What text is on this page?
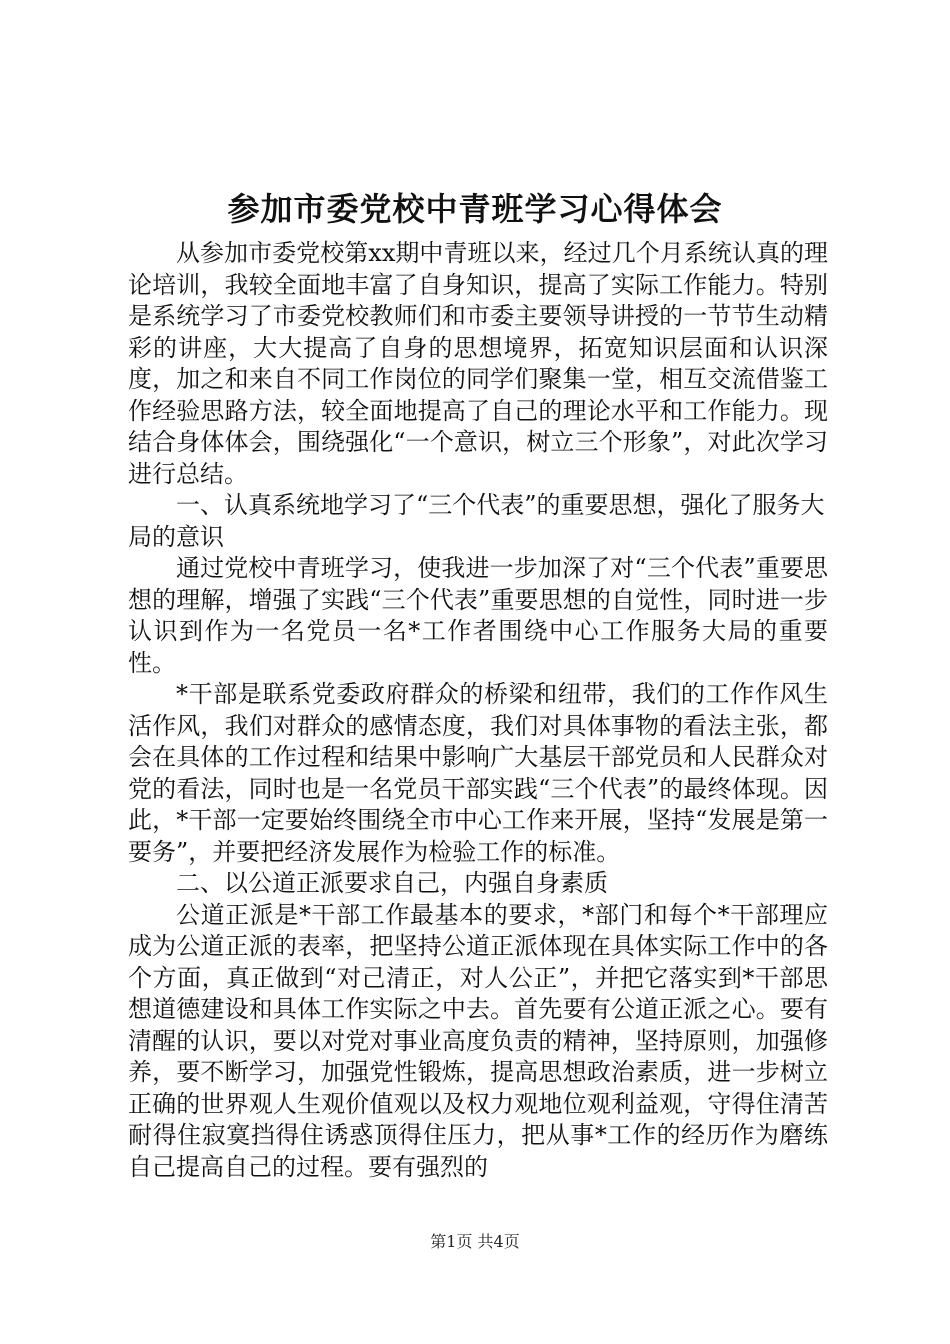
参加市委党校中青班学习心得体会

从参加市委党校第xx期中青班以来，经过几个月系统认真的理论培训，我较全面地丰富了自身知识，提高了实际工作能力。特别是系统学习了市委党校教师们和市委主要领导讲授的一节节生动精彩的讲座，大大提高了自身的思想境界，拓宽知识层面和认识深度，加之和来自不同工作岗位的同学们聚集一堂，相互交流借鉴工作经验思路方法，较全面地提高了自己的理论水平和工作能力。现结合身体体会，围绕强化“一个意识，树立三个形象”，对此次学习进行总结。

一、认真系统地学习了“三个代表”的重要思想，强化了服务大局的意识

通过党校中青班学习，使我进一步加深了对“三个代表”重要思想的理解，增强了实践“三个代表”重要思想的自觉性，同时进一步认识到作为一名党员一名*工作者围绕中心工作服务大局的重要性。

*干部是联系党委政府群众的桥梁和纽带，我们的工作作风生活作风，我们对群众的感情态度，我们对具体事物的看法主张，都会在具体的工作过程和结果中影响广大基层干部党员和人民群众对党的看法，同时也是一名党员干部实践“三个代表”的最终体现。因此，*干部一定要始终围绕全市中心工作来开展，坚持“发展是第一要务”，并要把经济发展作为检验工作的标准。

二、以公道正派要求自己，内强自身素质

公道正派是*干部工作最基本的要求，*部门和每个*干部理应成为公道正派的表率，把坚持公道正派体现在具体实际工作中的各个方面，真正做到“对己清正，对人公正”，并把它落实到*干部思想道德建设和具体工作实际之中去。首先要有公道正派之心。要有清醒的认识，要以对党对事业高度负责的精神，坚持原则，加强修养，要不断学习，加强党性锻炼，提高思想政治素质，进一步树立正确的世界观人生观价值观以及权力观地位观利益观，守得住清苦耐得住寂寞挡得住诱惑顶得住压力，把从事*工作的经历作为磨练自己提高自己的过程。要有强烈的

第1页 共4页
